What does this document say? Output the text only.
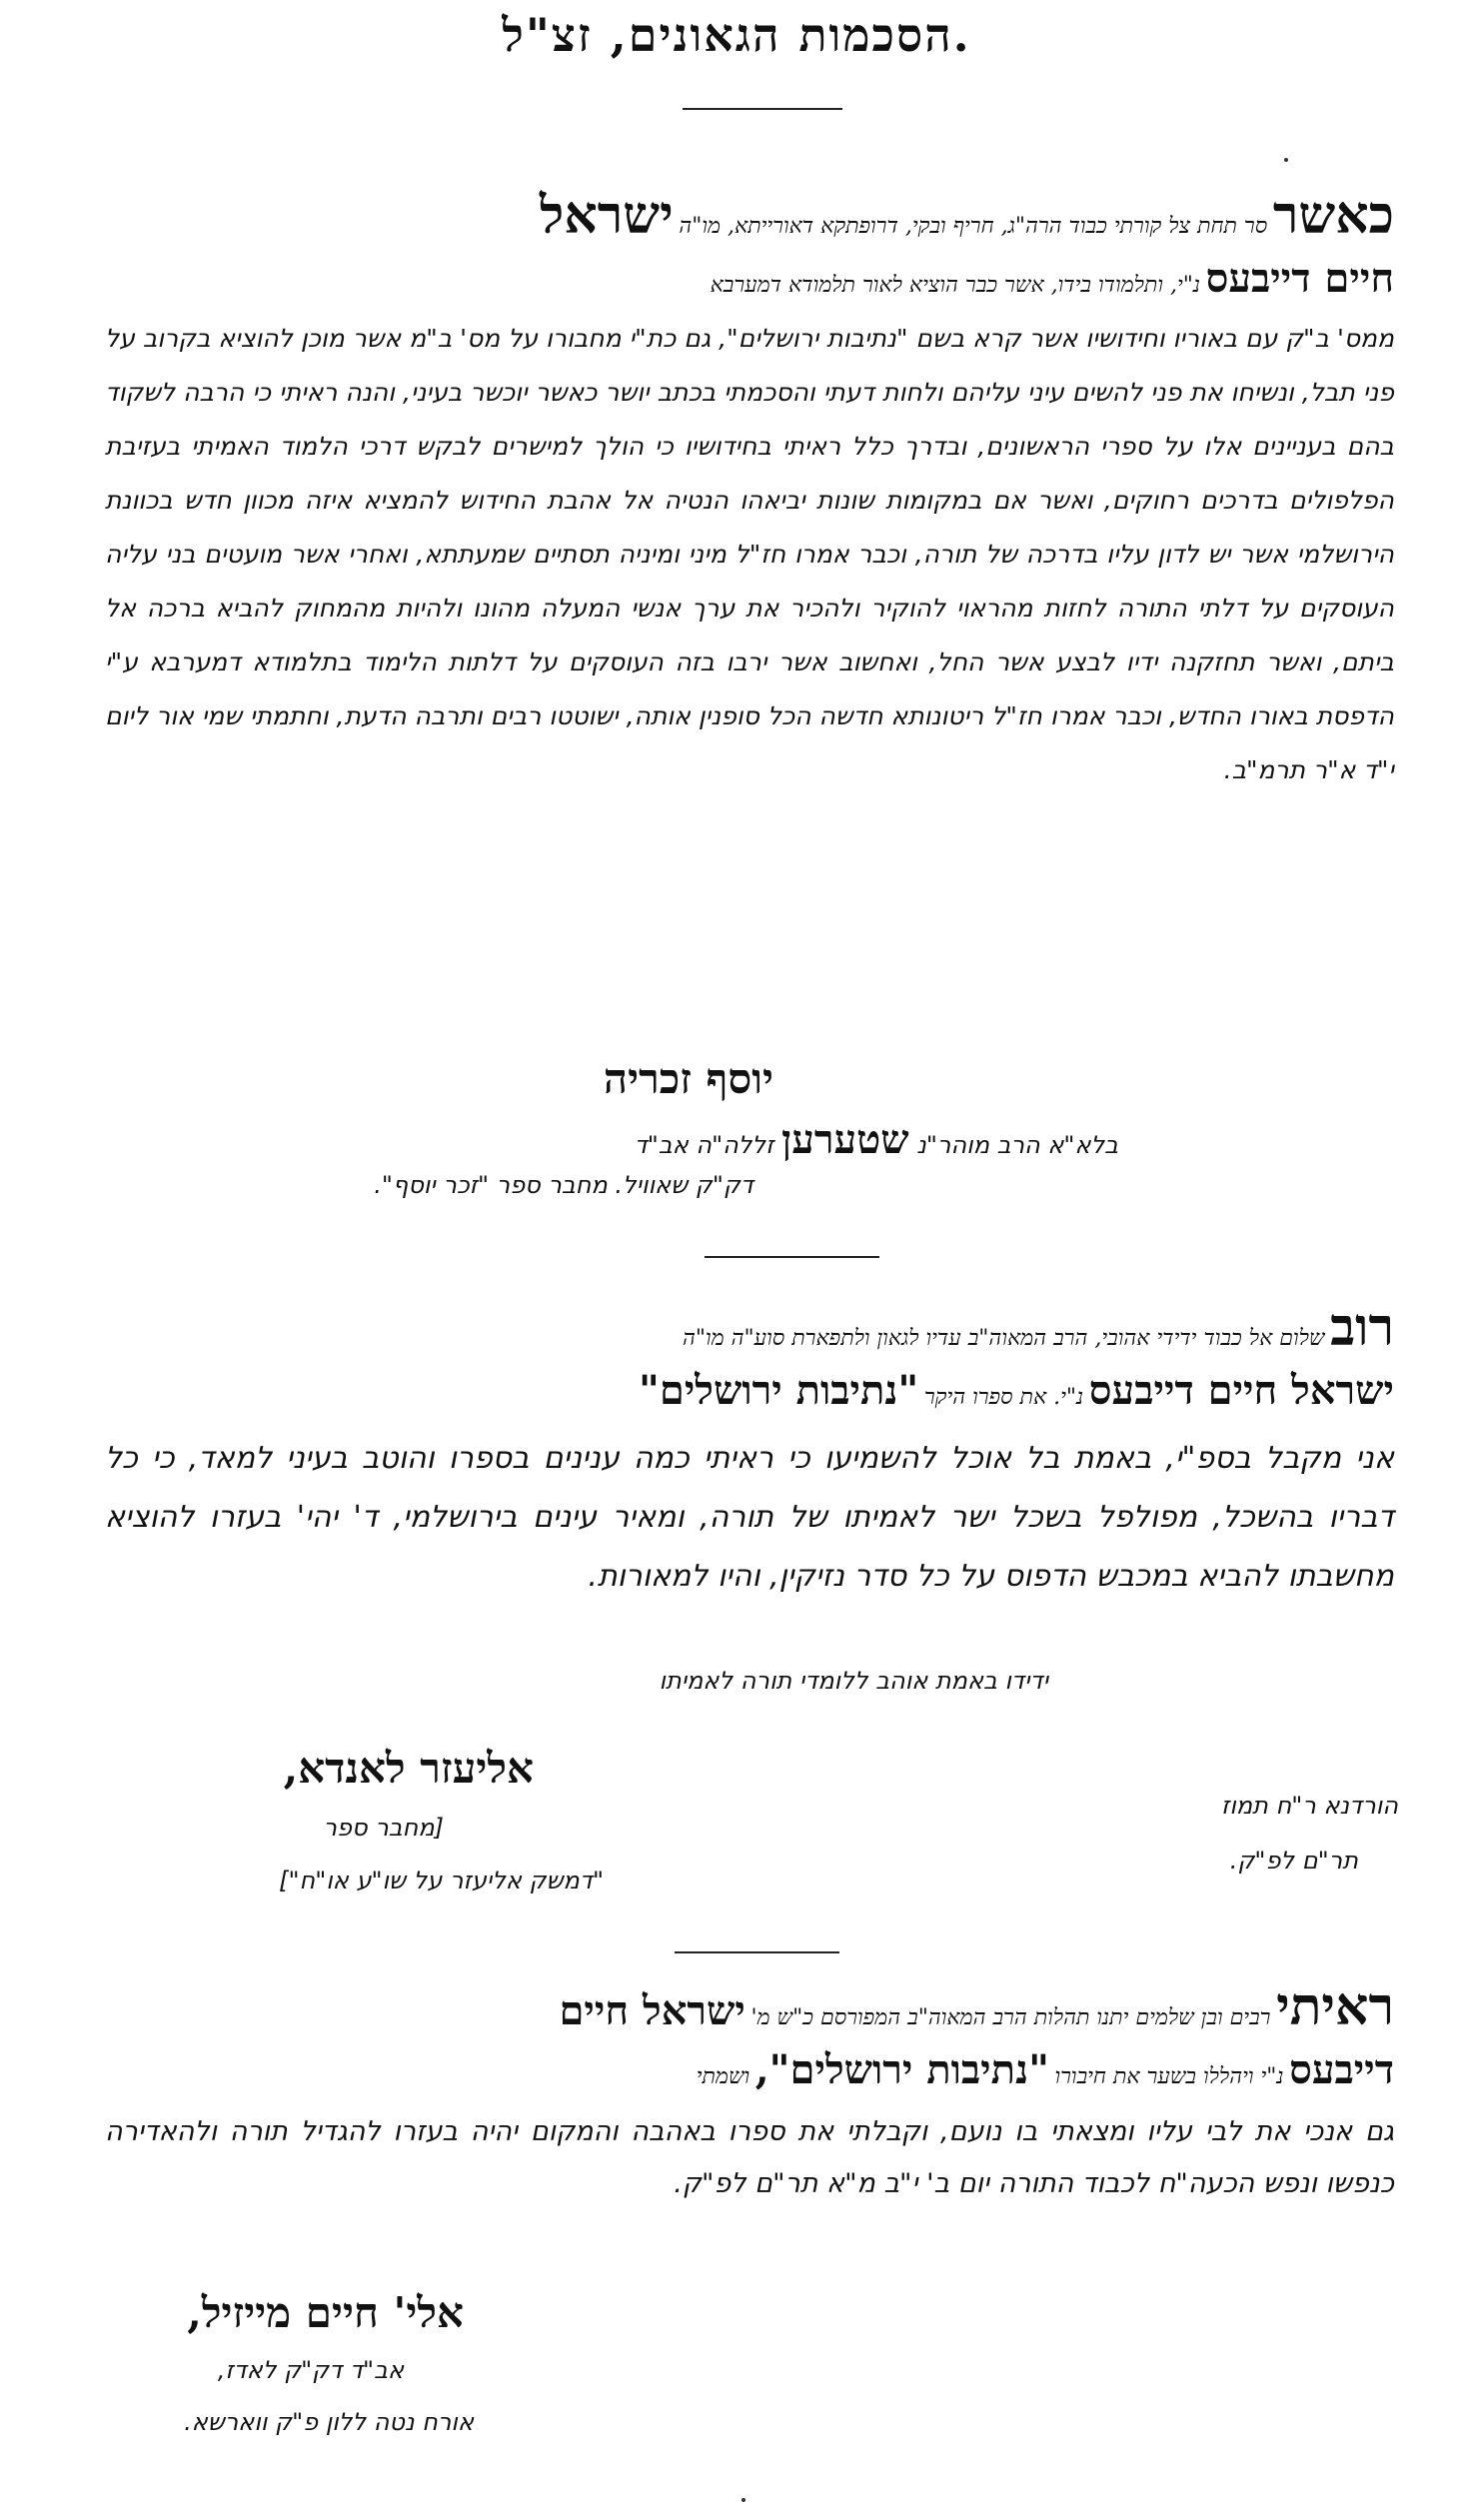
הסכמות הגאונים, זצ"ל.
כאשר סר תחת צל קורתי כבוד הרה"ג, חריף ובקי, דרופתקא דאורייתא, מו"ה ישראל
חיים דייבעס נ"י, ותלמודו בידו, אשר כבר הוציא לאור תלמודא דמערבא
ממס' ב"ק עם באוריו וחידושיו אשר קרא בשם "נתיבות ירושלים", גם כת"י מחבורו על מס' ב"מ אשר מוכן להוציא בקרוב על פני תבל, ונשיחו את פני להשים עיני עליהם ולחות דעתי והסכמתי בכתב יושר כאשר יוכשר בעיני, והנה ראיתי כי הרבה לשקוד בהם בעניינים אלו על ספרי הראשונים, ובדרך כלל ראיתי בחידושיו כי הולך למישרים לבקש דרכי הלמוד האמיתי בעזיבת הפלפולים בדרכים רחוקים, ואשר אם במקומות שונות יביאהו הנטיה אל אהבת החידוש להמציא איזה מכוון חדש בכוונת הירושלמי אשר יש לדון עליו בדרכה של תורה, וכבר אמרו חז"ל מיני ומיניה תסתיים שמעתתא, ואחרי אשר מועטים בני עליה העוסקים על דלתי התורה לחזות מהראוי להוקיר ולהכיר את ערך אנשי המעלה מהונו ולהיות מהמחוק להביא ברכה אל ביתם, ואשר תחזקנה ידיו לבצע אשר החל, ואחשוב אשר ירבו בזה העוסקים על דלתות הלימוד בתלמודא דמערבא ע"י הדפסת באורו החדש, וכבר אמרו חז"ל ריטונותא חדשה הכל סופנין אותה, ישוטטו רבים ותרבה הדעת, וחתמתי שמי אור ליום י"ד א"ר תרמ"ב.
יוסף זכריה
בלא"א הרב מוהר"נ שטערען זללה"ה אב"ד
דק"ק שאוויל. מחבר ספר "זכר יוסף".
רוב שלום אל כבוד ידידי אהובי, הרב המאוה"ב עדיו לגאון ולתפארת סוע"ה מו"ה
ישראל חיים דייבעס נ"י. את ספרו היקר "נתיבות ירושלים"
אני מקבל בספ"י, באמת בל אוכל להשמיעו כי ראיתי כמה ענינים בספרו והוטב בעיני למאד, כי כל דבריו בהשכל, מפולפל בשכל ישר לאמיתו של תורה, ומאיר עינים בירושלמי, ד' יהי' בעזרו להוציא מחשבתו להביא במכבש הדפוס על כל סדר נזיקין, והיו למאורות.
ידידו באמת אוהב ללומדי תורה לאמיתו
אליעזר לאנדא,
[מחבר ספר
"דמשק אליעזר על שו"ע או"ח"]
הורדנא ר"ח תמוז
תר"ם לפ"ק.
ראיתי רבים ובן שלמים יתנו תהלות הרב המאוה"ב המפורסם כ"ש מ' ישראל חיים
דייבעס נ"י ויהללו בשער את חיבורו "נתיבות ירושלים", ושמתי
גם אנכי את לבי עליו ומצאתי בו נועם, וקבלתי את ספרו באהבה והמקום יהיה בעזרו להגדיל תורה ולהאדירה כנפשו ונפש הכעה"ח לכבוד התורה יום ב' י"ב מ"א תר"ם לפ"ק.
אלי' חיים מייזיל,
אב"ד דק"ק לאדז,
אורח נטה ללון פ"ק ווארשא.
